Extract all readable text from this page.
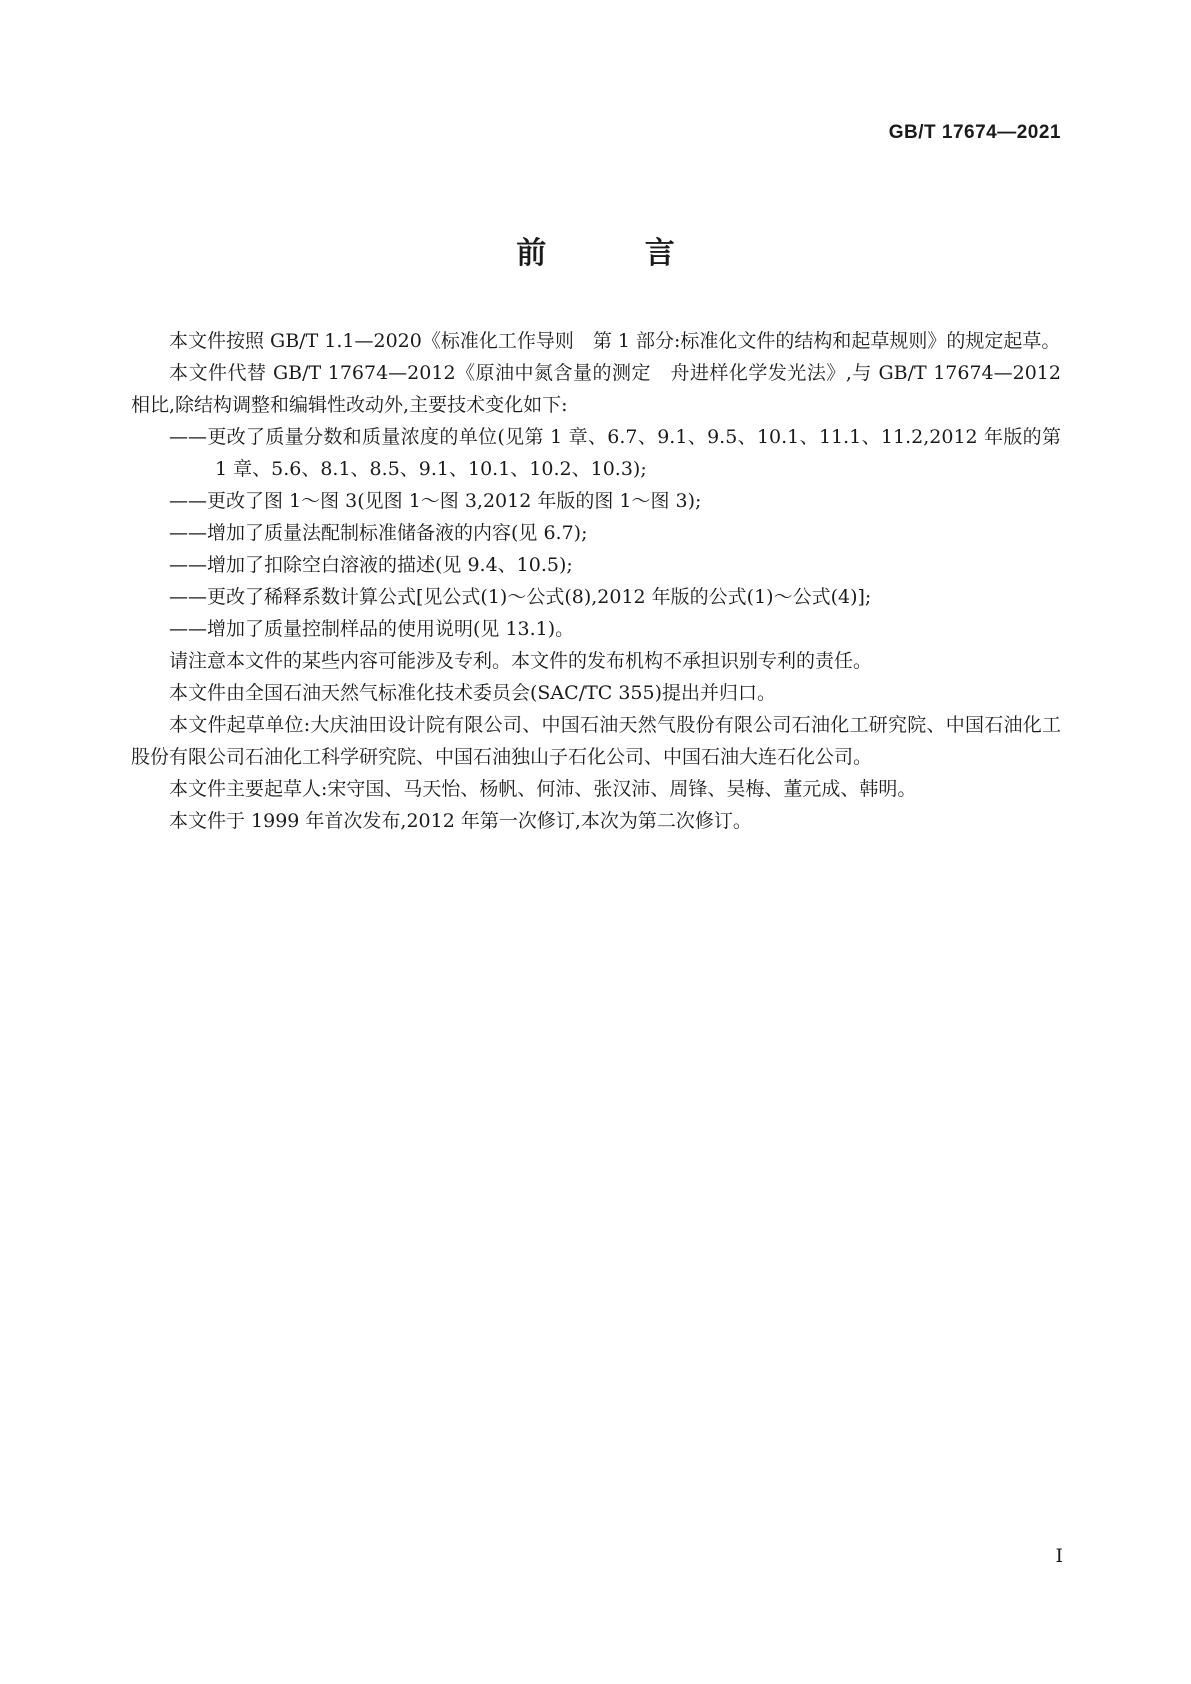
GB/T 17674—2021
前 言

本文件按照 GB/T 1.1—2020《标准化工作导则　第 1 部分:标准化文件的结构和起草规则》的规定起草。

本文件代替 GB/T 17674—2012《原油中氮含量的测定　舟进样化学发光法》,与 GB/T 17674—2012 相比,除结构调整和编辑性改动外,主要技术变化如下:

——更改了质量分数和质量浓度的单位(见第 1 章、6.7、9.1、9.5、10.1、11.1、11.2,2012 年版的第 1 章、5.6、8.1、8.5、9.1、10.1、10.2、10.3);

——更改了图 1～图 3(见图 1～图 3,2012 年版的图 1～图 3);

——增加了质量法配制标准储备液的内容(见 6.7);

——增加了扣除空白溶液的描述(见 9.4、10.5);

——更改了稀释系数计算公式[见公式(1)～公式(8),2012 年版的公式(1)～公式(4)];

——增加了质量控制样品的使用说明(见 13.1)。

请注意本文件的某些内容可能涉及专利。本文件的发布机构不承担识别专利的责任。

本文件由全国石油天然气标准化技术委员会(SAC/TC 355)提出并归口。

本文件起草单位:大庆油田设计院有限公司、中国石油天然气股份有限公司石油化工研究院、中国石油化工股份有限公司石油化工科学研究院、中国石油独山子石化公司、中国石油大连石化公司。

本文件主要起草人:宋守国、马天怡、杨帆、何沛、张汉沛、周锋、吴梅、董元成、韩明。

本文件于 1999 年首次发布,2012 年第一次修订,本次为第二次修订。

I
